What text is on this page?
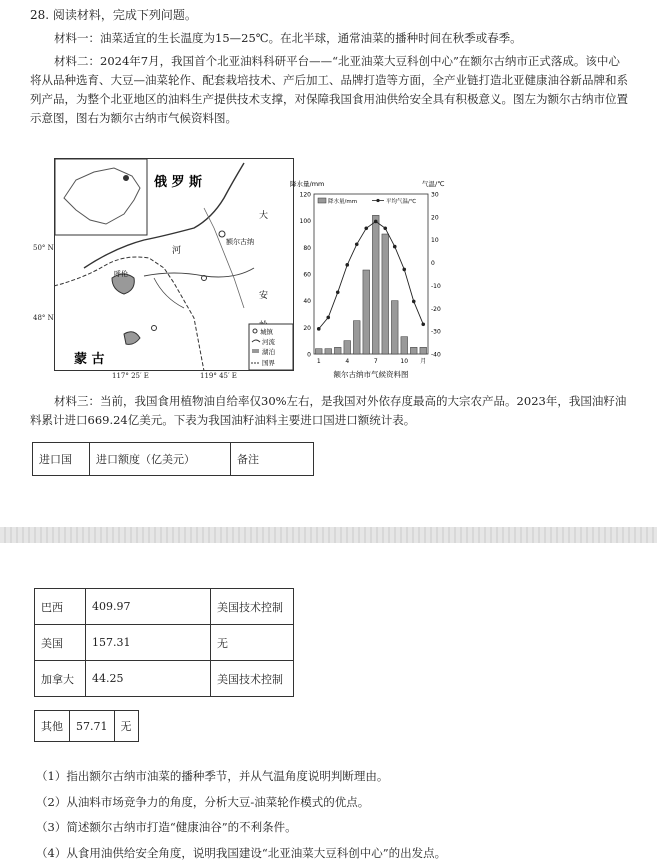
28. 阅读材料，完成下列问题。
材料一：油菜适宜的生长温度为15—25℃。在北半球，通常油菜的播种时间在秋季或春季。
材料二：2024年7月，我国首个北亚油料科研平台——“北亚油菜大豆科创中心”在额尔古纳市正式落成。该中心将从品种选育、大豆—油菜轮作、配套栽培技术、产后加工、品牌打造等方面，全产业链打造北亚健康油谷新品牌和系列产品，为整个北亚地区的油料生产提供技术支撑，对保障我国食用油供给安全具有积极意义。图左为额尔古纳市位置示意图，图右为额尔古纳市气候资料图。
俄 罗 斯
蒙 古
额尔古纳
呼伦
河
大
安
城镇
河流
湖泊
国界
50° N
48° N
117° 25′ E	119° 45′ E
降水量/mm	气温/℃
降水量/mm	平均气温/℃
0
20
40
60
80
100
120
-40
-30
-20
-10
0
10
20
30
1	4	7	10 月
额尔古纳市气候资料图
材料三：当前，我国食用植物油自给率仅30%左右，是我国对外依存度最高的大宗农产品。2023年，我国油籽油料累计进口669.24亿美元。下表为我国油籽油料主要进口国进口额统计表。
进口国	进口额度（亿美元）	备注
巴西	409.97	美国技术控制
美国	157.31	无
加拿大	44.25	美国技术控制
其他	57.71	无
（1）指出额尔古纳市油菜的播种季节，并从气温角度说明判断理由。
（2）从油料市场竞争力的角度，分析大豆-油菜轮作模式的优点。
（3）简述额尔古纳市打造“健康油谷”的不利条件。
（4）从食用油供给安全角度，说明我国建设“北亚油菜大豆科创中心”的出发点。
